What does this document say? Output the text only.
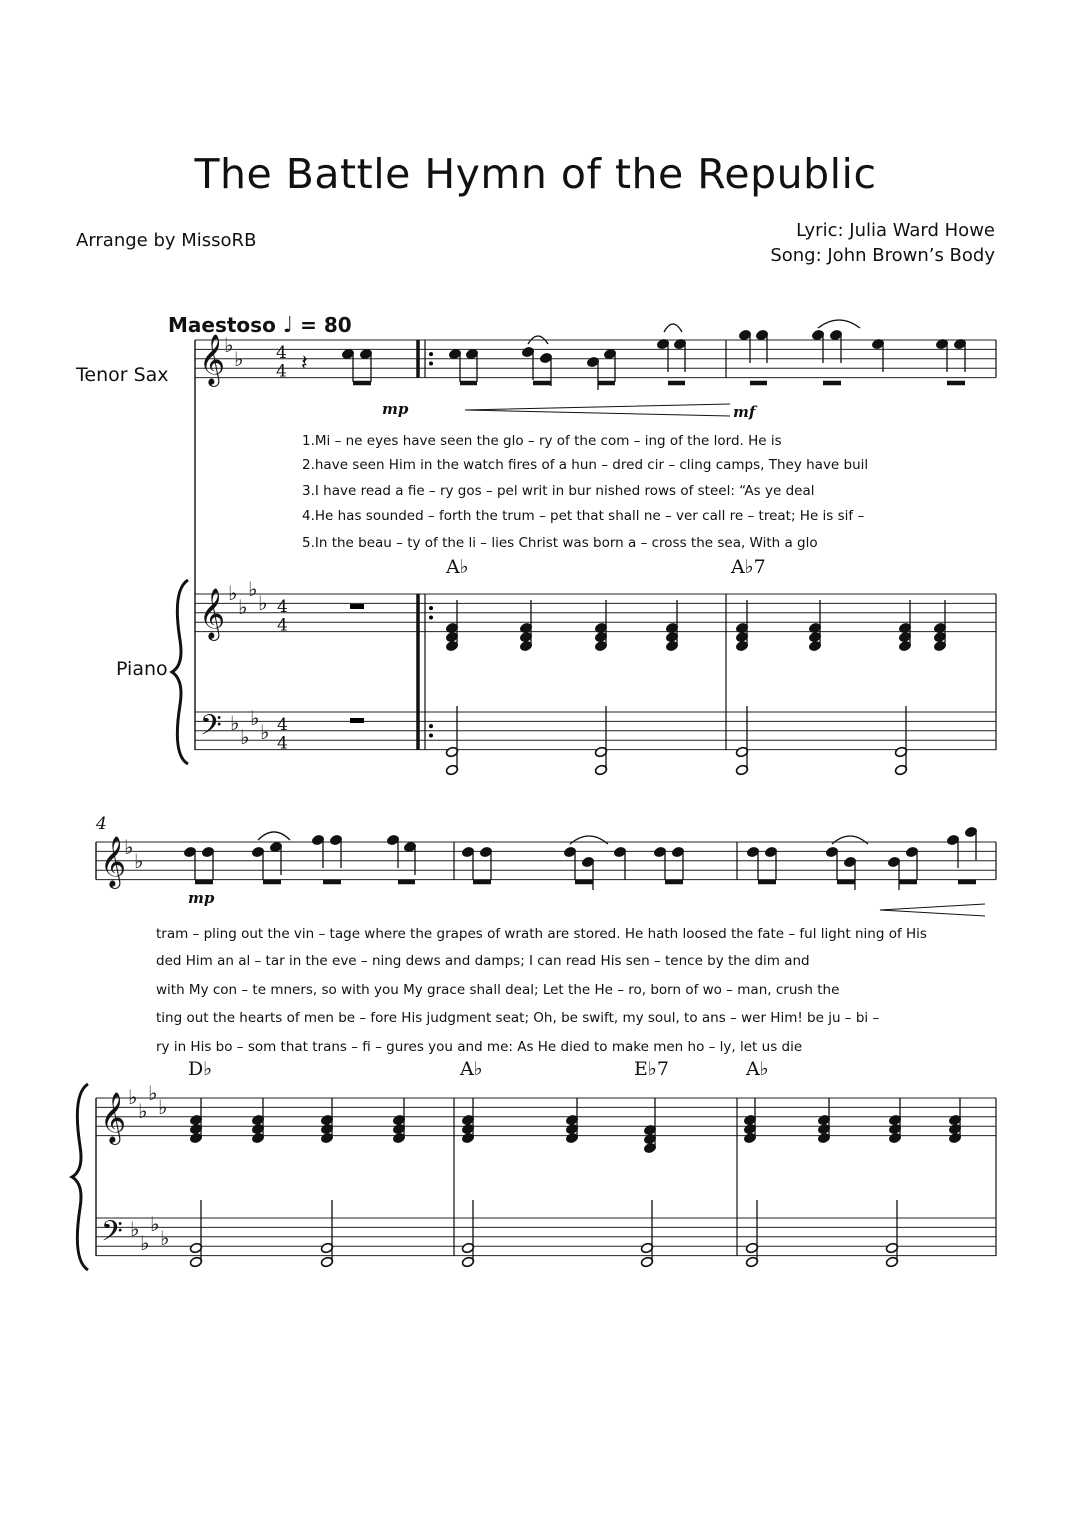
The Battle Hymn of the Republic
Arrange by MissoRB	Lyric: Julia Ward Howe
Song: John Brown’s Body
Maestoso ♩ = 80
Tenor Sax
Piano
mp	mf
mp
A♭	A♭7
D♭	A♭	E♭7	A♭
4
1.Mi – ne eyes have seen the glo – ry of the com – ing of the lord. He is
2.have seen Him in the watch fires of a hun – dred cir – cling camps, They have buil
3.I have read a fie – ry gos – pel writ in bur nished rows of steel: “As ye deal
4.He has sounded – forth the trum – pet that shall ne – ver call re – treat; He is sif –
5.In the beau – ty of the li – lies Christ was born a – cross the sea, With a glo
tram – pling out the vin – tage where the grapes of wrath are stored. He hath loosed the fate – ful light ning of His
ded Him an al – tar in the eve – ning dews and damps; I can read His sen – tence by the dim and
with My con – te mners, so with you My grace shall deal; Let the He – ro, born of wo – man, crush the
ting out the hearts of men be – fore His judgment seat; Oh, be swift, my soul, to ans – wer Him! be ju – bi –
ry in His bo – som that trans – fi – gures you and me: As He died to make men ho – ly, let us die
𝄞
𝄞
𝄢
♭
♭
♭
♭
♭
♭
♭
♭
♭
♭
4
4
4
4
4
4
𝄽
𝄞
𝄞
𝄢
♭
♭
♭
♭
♭
♭
♭
♭
♭
♭
